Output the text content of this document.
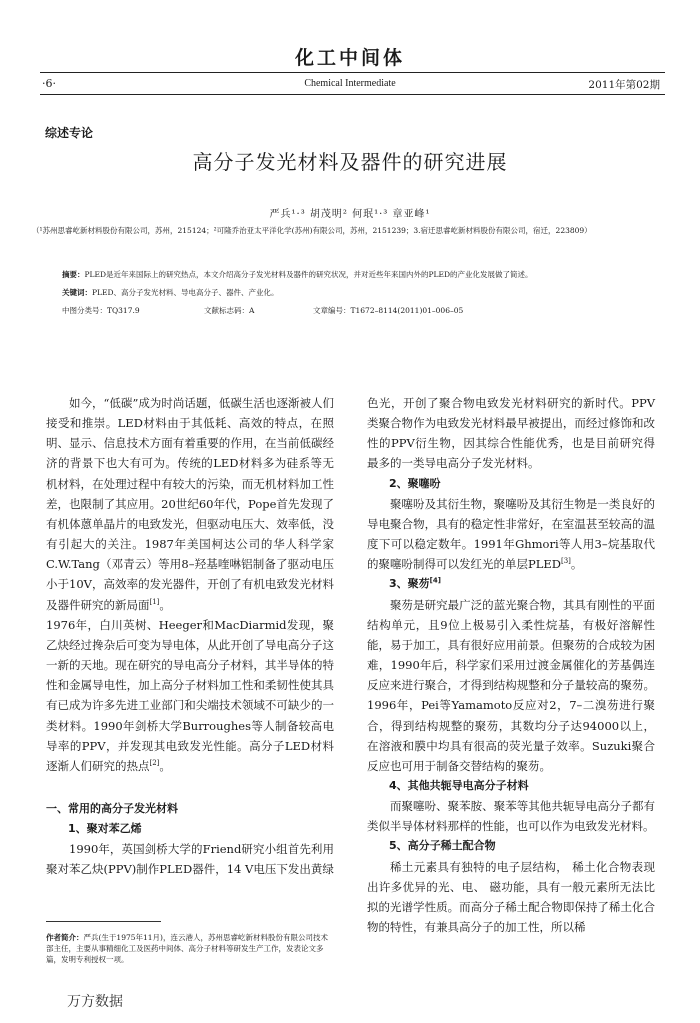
化工中间体
·6·	Chemical Intermediate	2011年第02期
综述专论
高分子发光材料及器件的研究进展
严兵¹·³ 胡茂明² 何珉¹·³ 章亚峰¹
（¹苏州思睿屹新材料股份有限公司，苏州，215124；²可隆乔治亚太平洋化学(苏州)有限公司，苏州，2151239；3.宿迁思睿屹新材料股份有限公司，宿迁，223809）
摘要：PLED是近年来国际上的研究热点，本文介绍高分子发光材料及器件的研究状况，并对近些年来国内外的PLED的产业化发展做了简述。
关键词：PLED、高分子发光材料、导电高分子、器件、产业化。
中图分类号：TQ317.9	文献标志码：A	文章编号：T1672–8114(2011)01–006–05

如今，“低碳”成为时尚话题，低碳生活也逐渐被人们接受和推崇。LED材料由于其低耗、高效的特点，在照明、显示、信息技术方面有着重要的作用，在当前低碳经济的背景下也大有可为。传统的LED材料多为硅系等无机材料，在处理过程中有较大的污染，而无机材料加工性差，也限制了其应用。20世纪60年代，Pope首先发现了有机体蒽单晶片的电致发光，但驱动电压大、效率低，没有引起大的关注。1987年美国柯达公司的华人科学家C.W.Tang（邓青云）等用8–羟基喹啉铝制备了驱动电压小于10V，高效率的发光器件，开创了有机电致发光材料及器件研究的新局面[1]。

1976年，白川英树、Heeger和MacDiarmid发现，聚乙炔经过搀杂后可变为导电体，从此开创了导电高分子这一新的天地。现在研究的导电高分子材料，其半导体的特性和金属导电性，加上高分子材料加工性和柔韧性使其具有已成为许多先进工业部门和尖端技术领域不可缺少的一类材料。1990年剑桥大学Burroughes等人制备较高电导率的PPV，并发现其电致发光性能。高分子LED材料逐渐人们研究的热点[2]。

一、常用的高分子发光材料

1、聚对苯乙烯

1990年，英国剑桥大学的Friend研究小组首先利用聚对苯乙炔(PPV)制作PLED器件，14 V电压下发出黄绿

色光，开创了聚合物电致发光材料研究的新时代。PPV类聚合物作为电致发光材料最早被提出，而经过修饰和改性的PPV衍生物，因其综合性能优秀，也是目前研究得最多的一类导电高分子发光材料。

2、聚噻吩

聚噻吩及其衍生物，聚噻吩及其衍生物是一类良好的导电聚合物，具有的稳定性非常好，在室温甚至较高的温度下可以稳定数年。1991年Ghmori等人用3–烷基取代的聚噻吩制得可以发红光的单层PLED[3]。

3、聚芴[4]

聚芴是研究最广泛的蓝光聚合物，其具有刚性的平面结构单元，且9位上极易引入柔性烷基，有极好溶解性能，易于加工，具有很好应用前景。但聚芴的合成较为困难，1990年后，科学家们采用过渡金属催化的芳基偶连反应来进行聚合，才得到结构规整和分子量较高的聚芴。1996年，Pei等Yamamoto反应对2，7–二溴芴进行聚合，得到结构规整的聚芴，其数均分子达94000以上，在溶液和膜中均具有很高的荧光量子效率。Suzuki聚合反应也可用于制备交替结构的聚芴。

4、其他共轭导电高分子材料

而聚噻吩、聚苯胺、聚苯等其他共轭导电高分子都有类似半导体材料那样的性能，也可以作为电致发光材料。

5、高分子稀土配合物

稀土元素具有独特的电子层结构， 稀土化合物表现出许多优异的光、电、 磁功能，具有一般元素所无法比拟的光谱学性质。而高分子稀土配合物即保持了稀土化合物的特性，有兼具高分子的加工性，所以稀

作者简介：严兵(生于1975年11月)，连云港人，苏州思睿屹新材料股份有限公司技术部主任，主要从事精细化工及医药中间体、高分子材料等研发生产工作，发表论文多篇，发明专利授权一项。
万方数据
